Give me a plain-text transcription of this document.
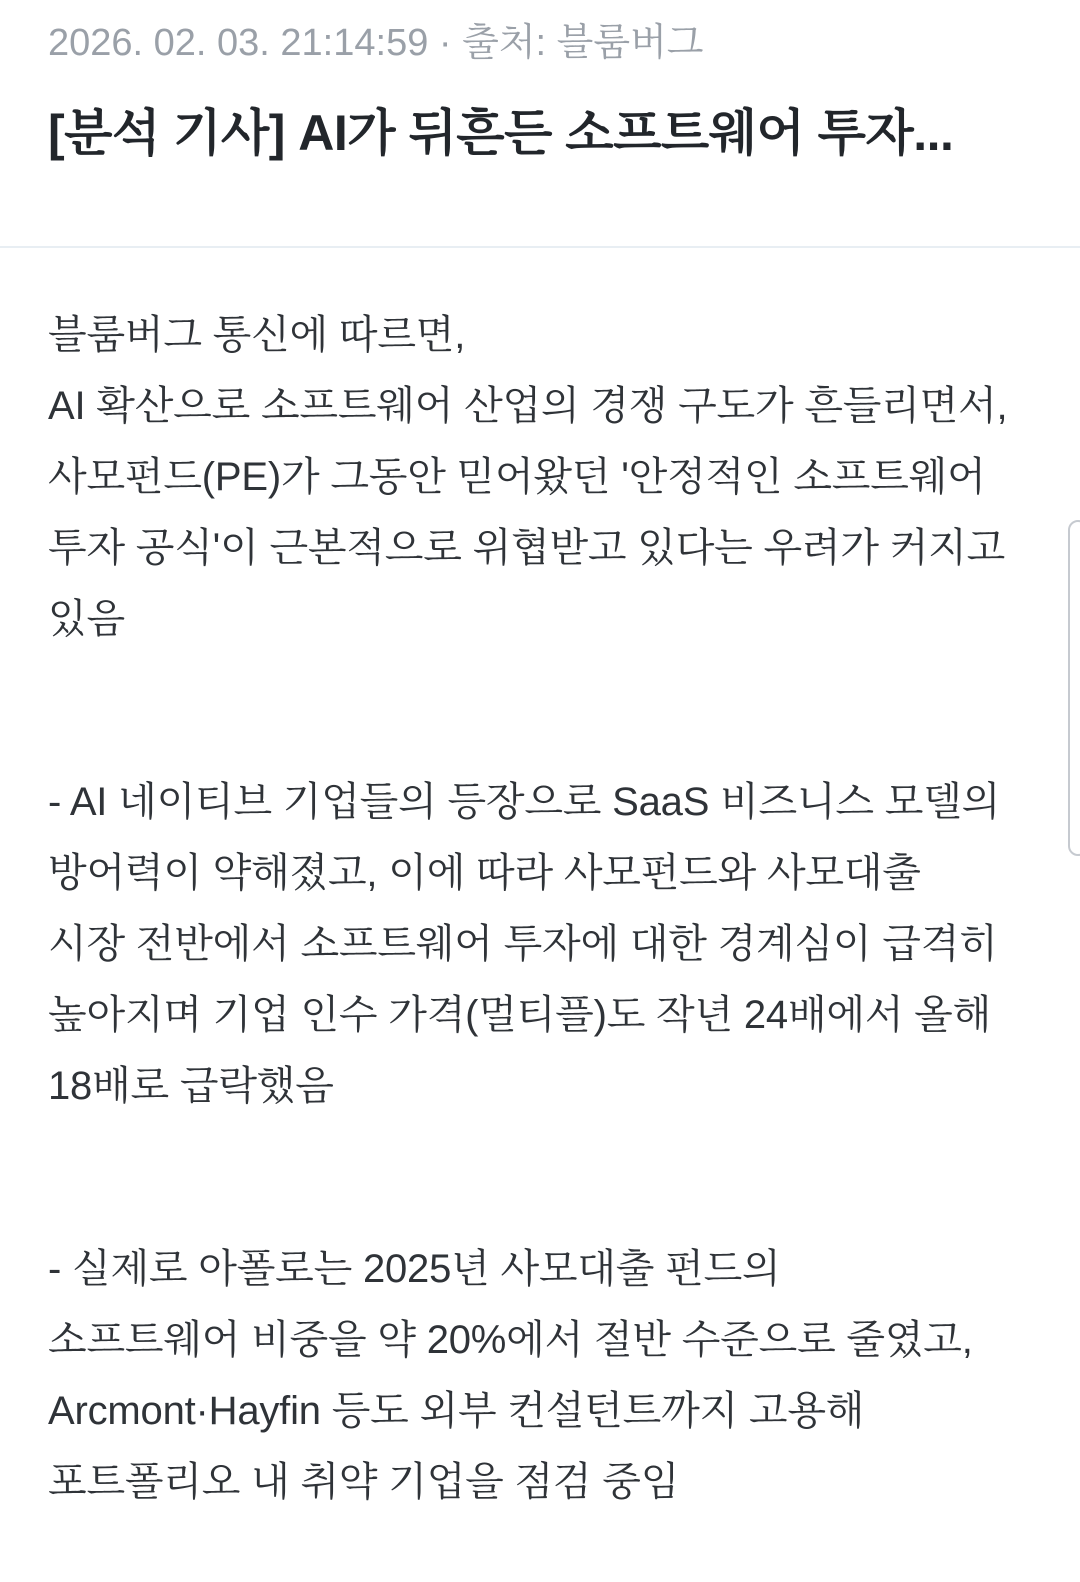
2026. 02. 03. 21:14:59 · 출처: 블룸버그
[분석 기사] AI가 뒤흔든 소프트웨어 투자...
블룸버그 통신에 따르면,
AI 확산으로 소프트웨어 산업의 경쟁 구도가 흔들리면서,
사모펀드(PE)가 그동안 믿어왔던 '안정적인 소프트웨어
투자 공식'이 근본적으로 위협받고 있다는 우려가 커지고
있음
- AI 네이티브 기업들의 등장으로 SaaS 비즈니스 모델의
방어력이 약해졌고, 이에 따라 사모펀드와 사모대출
시장 전반에서 소프트웨어 투자에 대한 경계심이 급격히
높아지며 기업 인수 가격(멀티플)도 작년 24배에서 올해
18배로 급락했음
- 실제로 아폴로는 2025년 사모대출 펀드의
소프트웨어 비중을 약 20%에서 절반 수준으로 줄였고,
Arcmont·Hayfin 등도 외부 컨설턴트까지 고용해
포트폴리오 내 취약 기업을 점검 중임
